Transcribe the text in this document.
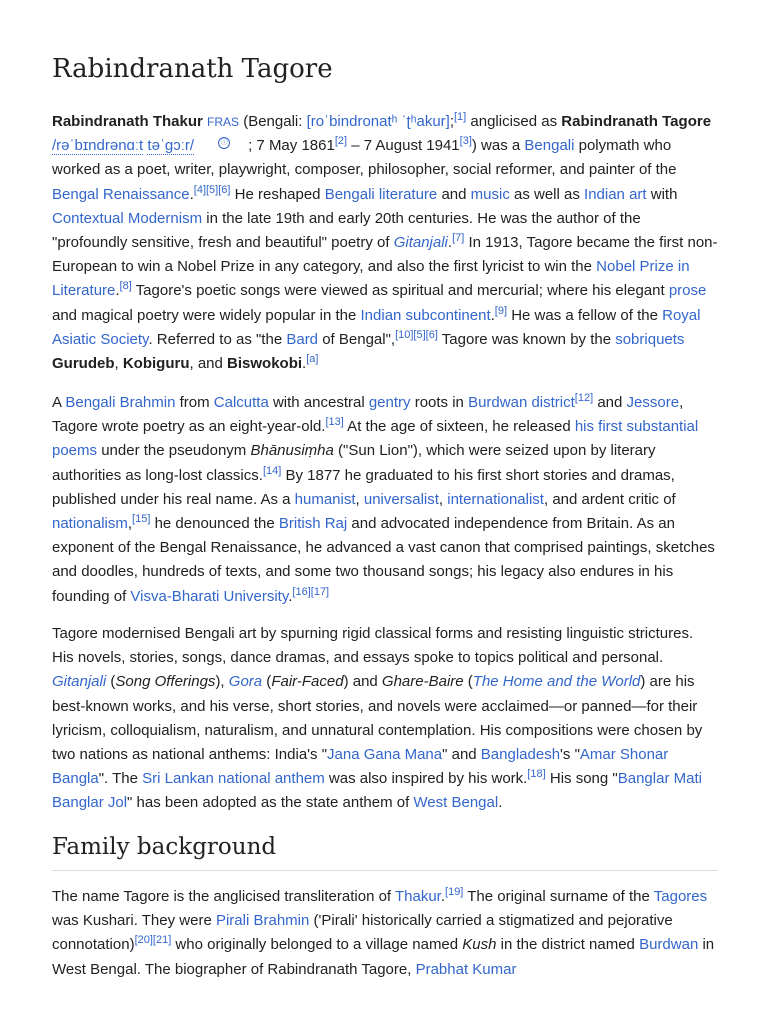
Rabindranath Tagore

Rabindranath Thakur FRAS (Bengali: [roˈbindronatʰ ˈʈʰakur];[1] anglicised as Rabindranath Tagore /rəˈbɪndrənɑːt təˈɡɔːr/	ⓘ ; 7 May 1861[2] – 7 August 1941[3]) was a Bengali polymath who worked as a poet, writer, playwright, composer, philosopher, social reformer, and painter of the Bengal Renaissance.[4][5][6] He reshaped Bengali literature and music as well as Indian art with Contextual Modernism in the late 19th and early 20th centuries. He was the author of the "profoundly sensitive, fresh and beautiful" poetry of Gitanjali.[7] In 1913, Tagore became the first non-European to win a Nobel Prize in any category, and also the first lyricist to win the Nobel Prize in Literature.[8] Tagore's poetic songs were viewed as spiritual and mercurial; where his elegant prose and magical poetry were widely popular in the Indian subcontinent.[9] He was a fellow of the Royal Asiatic Society. Referred to as "the Bard of Bengal",[10][5][6] Tagore was known by the sobriquets Gurudeb, Kobiguru, and Biswokobi.[a]

A Bengali Brahmin from Calcutta with ancestral gentry roots in Burdwan district[12] and Jessore, Tagore wrote poetry as an eight-year-old.[13] At the age of sixteen, he released his first substantial poems under the pseudonym Bhānusiṃha ("Sun Lion"), which were seized upon by literary authorities as long-lost classics.[14] By 1877 he graduated to his first short stories and dramas, published under his real name. As a humanist, universalist, internationalist, and ardent critic of nationalism,[15] he denounced the British Raj and advocated independence from Britain. As an exponent of the Bengal Renaissance, he advanced a vast canon that comprised paintings, sketches and doodles, hundreds of texts, and some two thousand songs; his legacy also endures in his founding of Visva-Bharati University.[16][17]

Tagore modernised Bengali art by spurning rigid classical forms and resisting linguistic strictures. His novels, stories, songs, dance dramas, and essays spoke to topics political and personal. Gitanjali (Song Offerings), Gora (Fair-Faced) and Ghare-Baire (The Home and the World) are his best-known works, and his verse, short stories, and novels were acclaimed—or panned—for their lyricism, colloquialism, naturalism, and unnatural contemplation. His compositions were chosen by two nations as national anthems: India's "Jana Gana Mana" and Bangladesh's "Amar Shonar Bangla". The Sri Lankan national anthem was also inspired by his work.[18] His song "Banglar Mati Banglar Jol" has been adopted as the state anthem of West Bengal.

Family background

The name Tagore is the anglicised transliteration of Thakur.[19] The original surname of the Tagores was Kushari. They were Pirali Brahmin ('Pirali' historically carried a stigmatized and pejorative connotation)[20][21] who originally belonged to a village named Kush in the district named Burdwan in West Bengal. The biographer of Rabindranath Tagore, Prabhat Kumar
